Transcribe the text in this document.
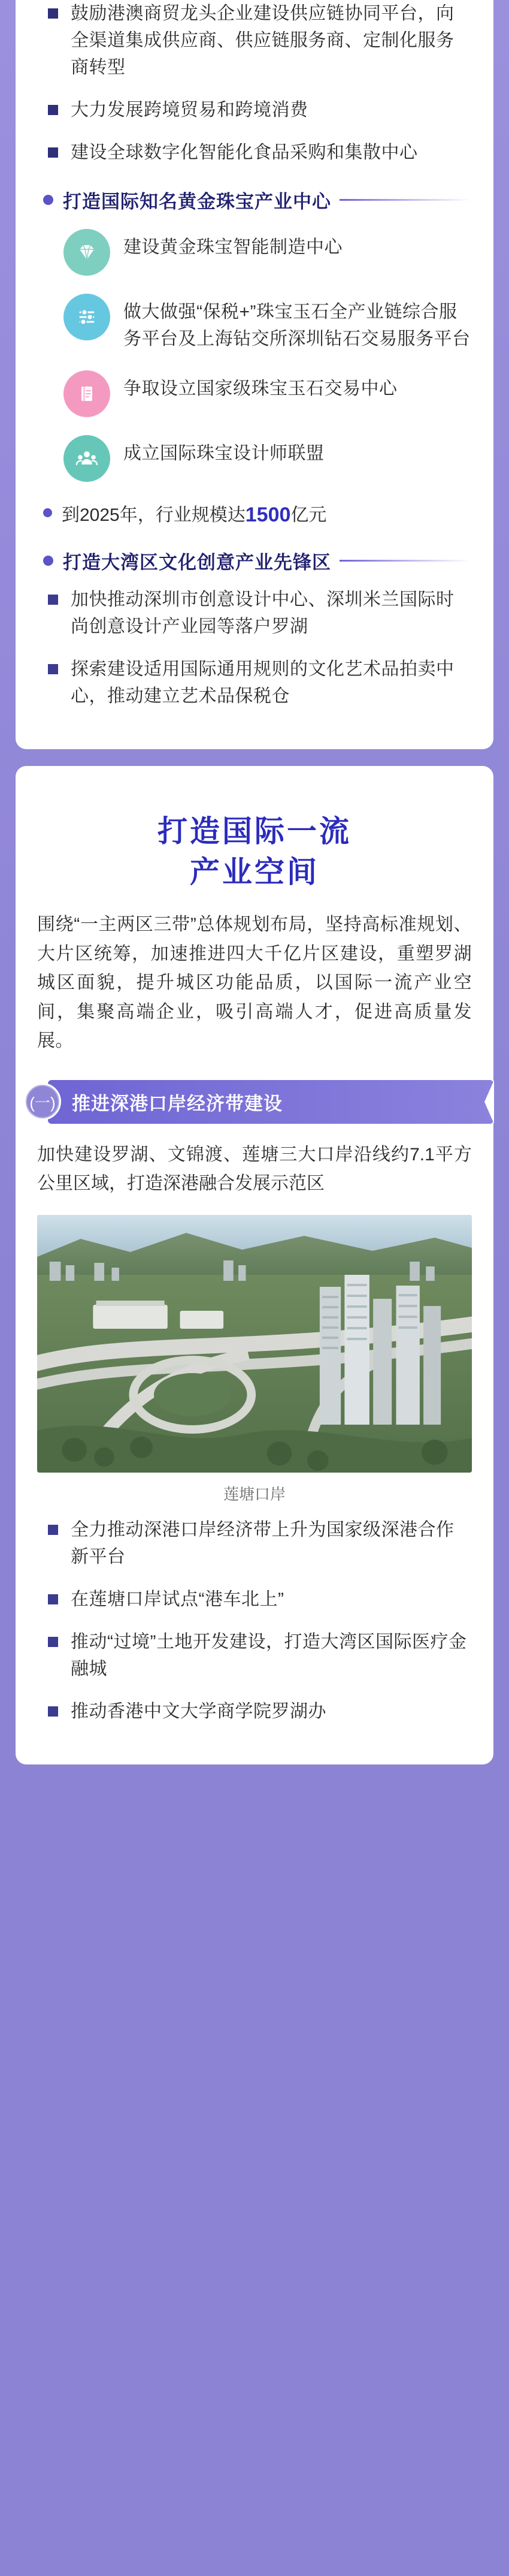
鼓励港澳商贸龙头企业建设供应链协同平台，向全渠道集成供应商、供应链服务商、定制化服务商转型
大力发展跨境贸易和跨境消费
建设全球数字化智能化食品采购和集散中心
打造国际知名黄金珠宝产业中心
建设黄金珠宝智能制造中心
做大做强“保税+”珠宝玉石全产业链综合服务平台及上海钻交所深圳钻石交易服务平台
争取设立国家级珠宝玉石交易中心
成立国际珠宝设计师联盟
到2025年，行业规模达1500亿元
打造大湾区文化创意产业先锋区
加快推动深圳市创意设计中心、深圳米兰国际时尚创意设计产业园等落户罗湖
探索建设适用国际通用规则的文化艺术品拍卖中心，推动建立艺术品保税仓
打造国际一流
产业空间
围绕“一主两区三带”总体规划布局，坚持高标准规划、大片区统筹，加速推进四大千亿片区建设，重塑罗湖城区面貌，提升城区功能品质，以国际一流产业空间，集聚高端企业，吸引高端人才，促进高质量发展。
(一) 推进深港口岸经济带建设
加快建设罗湖、文锦渡、莲塘三大口岸沿线约7.1平方公里区域，打造深港融合发展示范区
莲塘口岸
全力推动深港口岸经济带上升为国家级深港合作新平台
在莲塘口岸试点“港车北上”
推动“过境”土地开发建设，打造大湾区国际医疗金融城
推动香港中文大学商学院罗湖办
